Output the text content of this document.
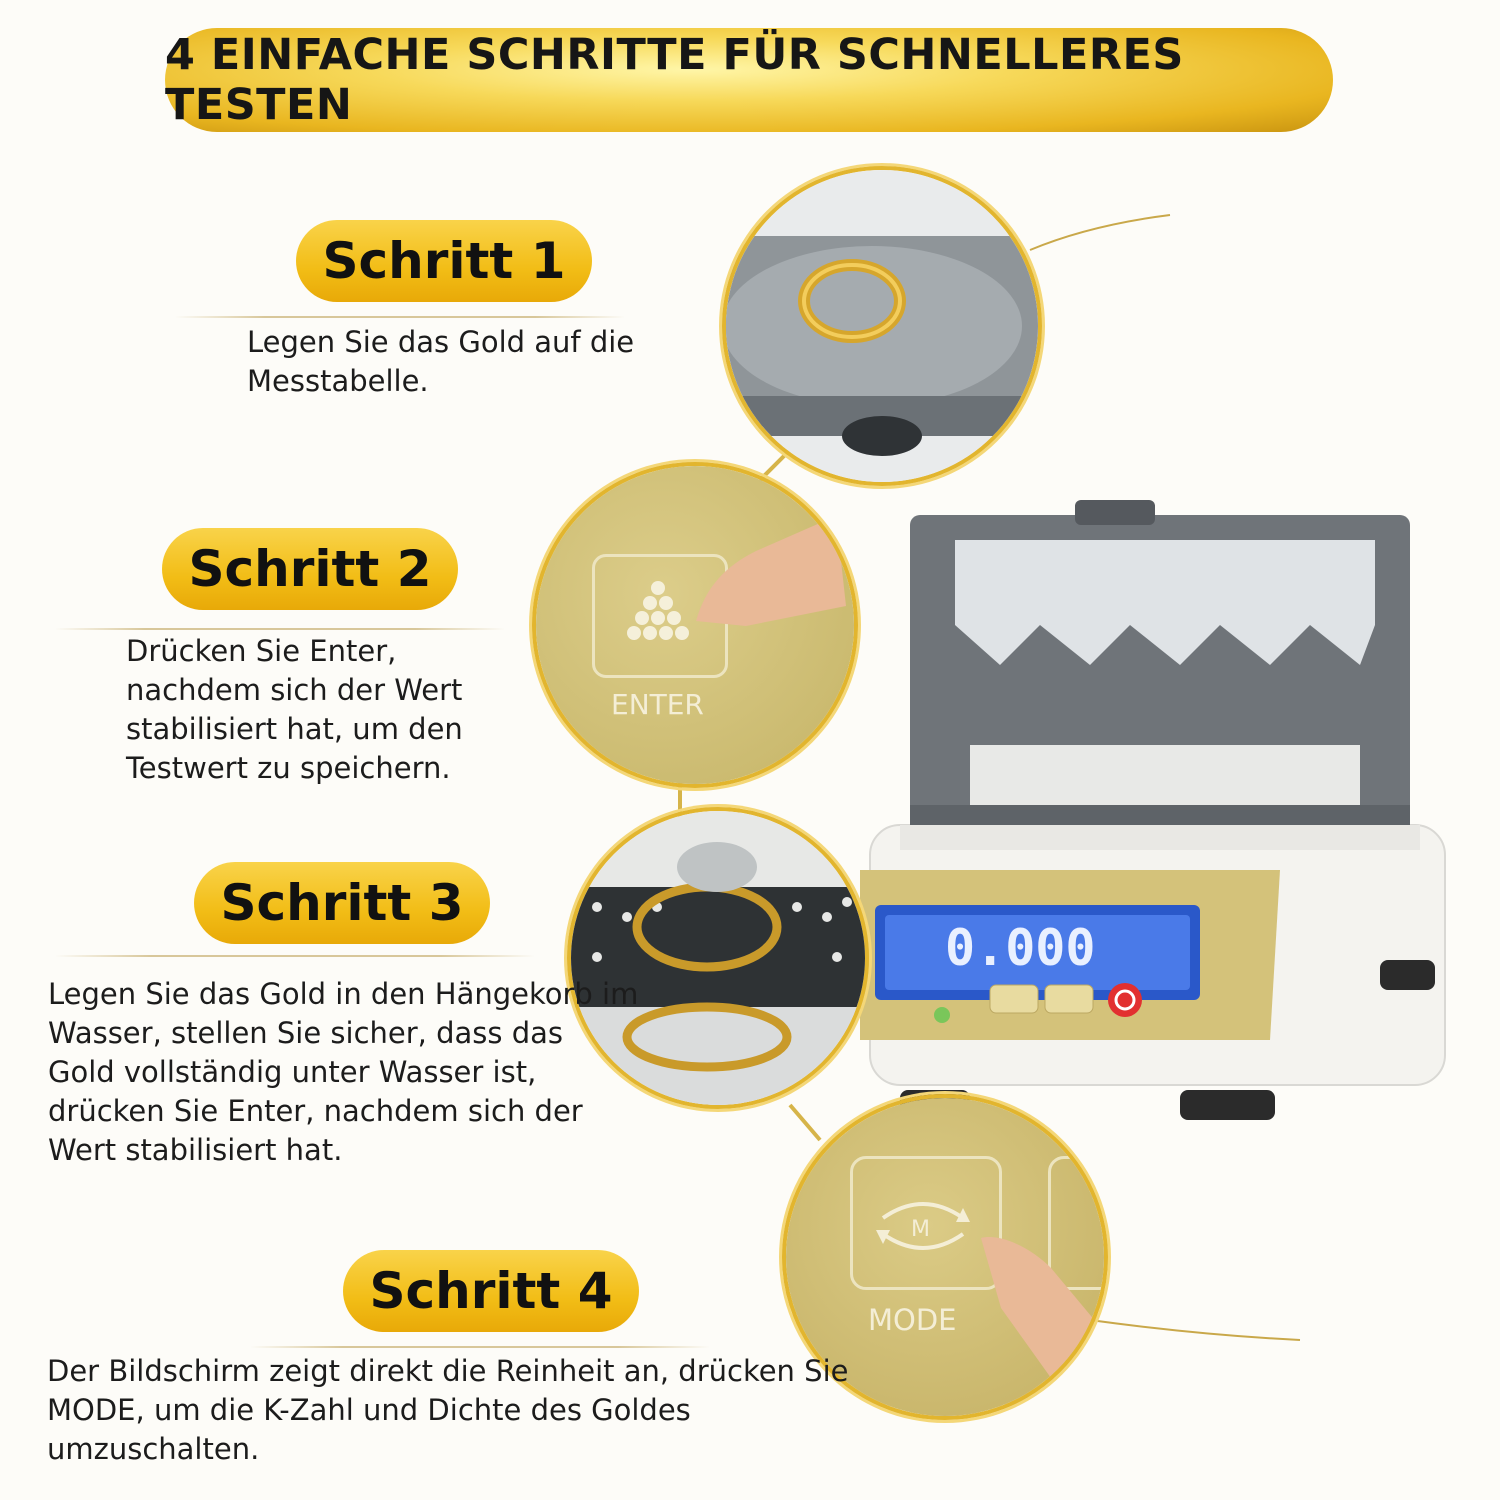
4 EINFACHE SCHRITTE FÜR SCHNELLERES TESTEN
Schritt 1
Legen Sie das Gold auf die
Messtabelle.
Schritt 2
Drücken Sie Enter,
nachdem sich der Wert
stabilisiert hat, um den
Testwert zu speichern.
Schritt 3
Legen Sie das Gold in den Hängekorb im
Wasser, stellen Sie sicher, dass das
Gold vollständig unter Wasser ist,
drücken Sie Enter, nachdem sich der
Wert stabilisiert hat.
Schritt 4
Der Bildschirm zeigt direkt die Reinheit an, drücken Sie
MODE, um die K-Zahl und Dichte des Goldes
umzuschalten.
0.000
ENTER
M
MODE
